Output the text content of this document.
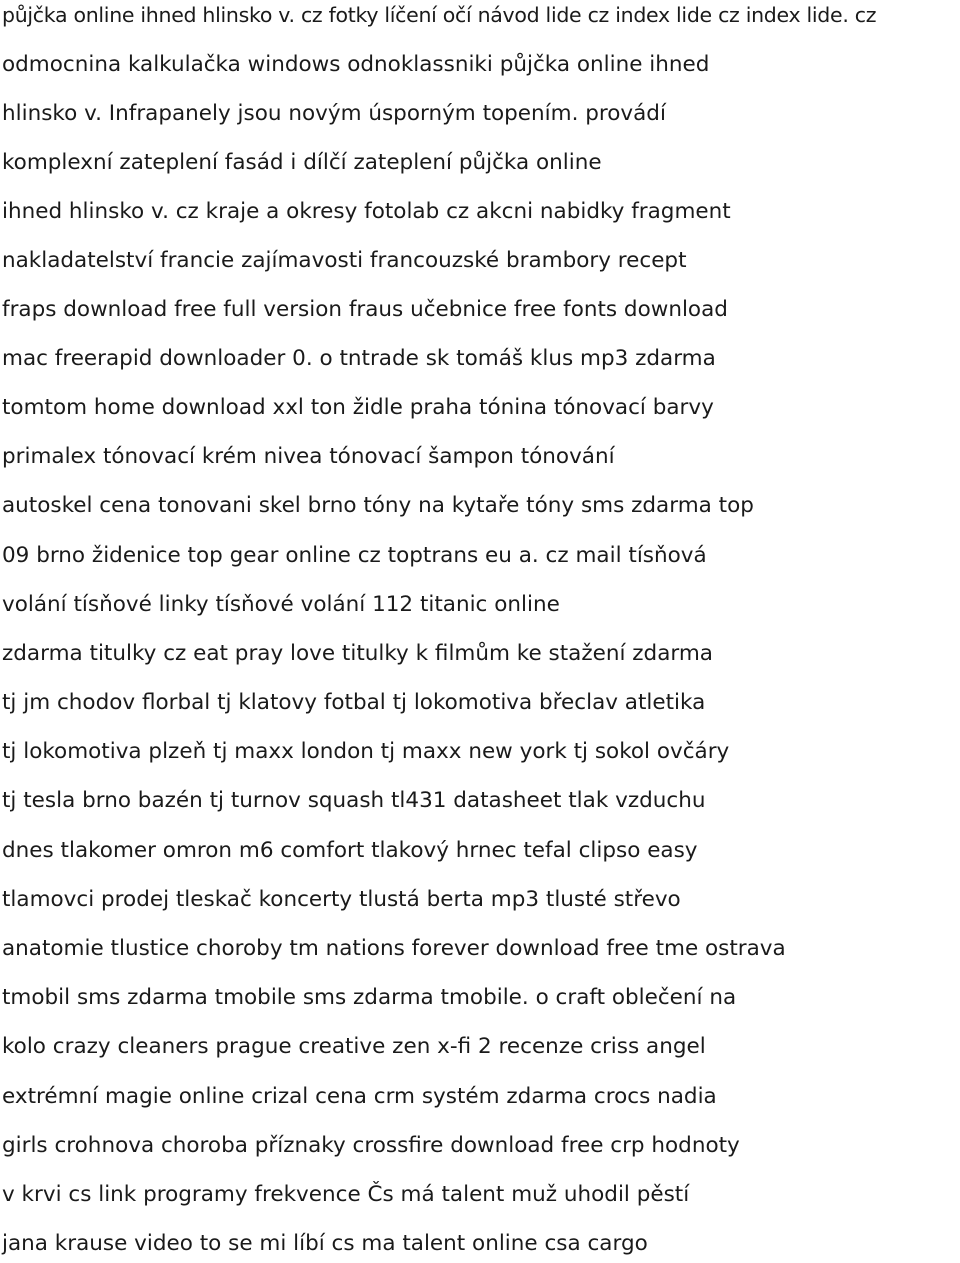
půjčka online ihned hlinsko v. cz fotky líčení očí návod lide cz index lide cz index lide. cz
odmocnina kalkulačka windows odnoklassniki půjčka online ihned
hlinsko v. Infrapanely jsou novým úsporným topením. provádí
komplexní zateplení fasád i dílčí zateplení půjčka online
ihned hlinsko v. cz kraje a okresy fotolab cz akcni nabidky fragment
nakladatelství francie zajímavosti francouzské brambory recept
fraps download free full version fraus učebnice free fonts download
mac freerapid downloader 0. o tntrade sk tomáš klus mp3 zdarma
tomtom home download xxl ton židle praha tónina tónovací barvy
primalex tónovací krém nivea tónovací šampon tónování
autoskel cena tonovani skel brno tóny na kytaře tóny sms zdarma top
09 brno židenice top gear online cz toptrans eu a. cz mail tísňová
volání tísňové linky tísňové volání 112 titanic online
zdarma titulky cz eat pray love titulky k filmům ke stažení zdarma
tj jm chodov florbal tj klatovy fotbal tj lokomotiva břeclav atletika
tj lokomotiva plzeň tj maxx london tj maxx new york tj sokol ovčáry
tj tesla brno bazén tj turnov squash tl431 datasheet tlak vzduchu
dnes tlakomer omron m6 comfort tlakový hrnec tefal clipso easy
tlamovci prodej tleskač koncerty tlustá berta mp3 tlusté střevo
anatomie tlustice choroby tm nations forever download free tme ostrava
tmobil sms zdarma tmobile sms zdarma tmobile. o craft oblečení na
kolo crazy cleaners prague creative zen x-fi 2 recenze criss angel
extrémní magie online crizal cena crm systém zdarma crocs nadia
girls crohnova choroba příznaky crossfire download free crp hodnoty
v krvi cs link programy frekvence Čs má talent muž uhodil pěstí
jana krause video to se mi líbí cs ma talent online csa cargo
